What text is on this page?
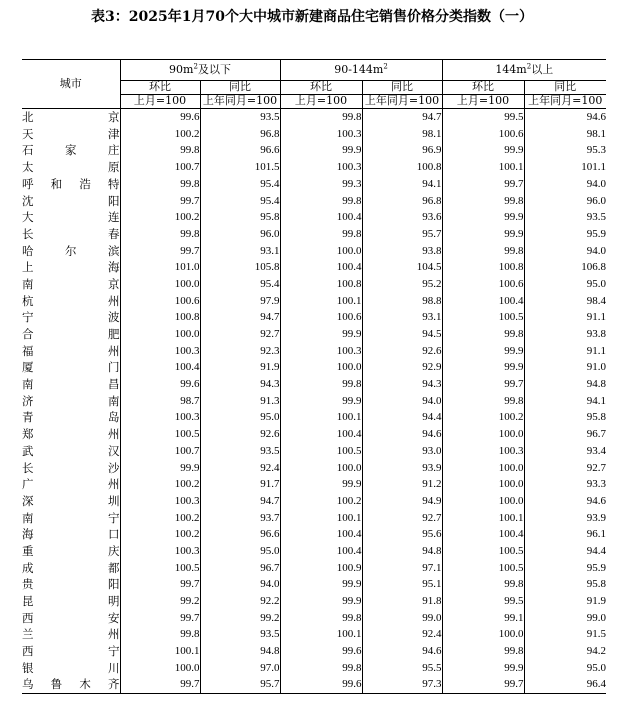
表3：2025年1月70个大中城市新建商品住宅销售价格分类指数（一）
城市	$90m^2$及以下		$90-144m^2$		$144m^2$以上	
	环比	同比	环比	同比	环比	同比
	上月=100	上年同月=100	上月=100	上年同月=100	上月=100	上年同月=100
北京	99.6	93.5	99.8	94.7	99.5	94.6
天津	100.2	96.8	100.3	98.1	100.6	98.1
石家庄	99.8	96.6	99.9	96.9	99.9	95.3
太原	100.7	101.5	100.3	100.8	100.1	101.1
呼和浩特	99.8	95.4	99.3	94.1	99.7	94.0
沈阳	99.7	95.4	99.8	96.8	99.8	96.0
大连	100.2	95.8	100.4	93.6	99.9	93.5
长春	99.8	96.0	99.8	95.7	99.9	95.9
哈尔滨	99.7	93.1	100.0	93.8	99.8	94.0
上海	101.0	105.8	100.4	104.5	100.8	106.8
南京	100.0	95.4	100.8	95.2	100.6	95.0
杭州	100.6	97.9	100.1	98.8	100.4	98.4
宁波	100.8	94.7	100.6	93.1	100.5	91.1
合肥	100.0	92.7	99.9	94.5	99.8	93.8
福州	100.3	92.3	100.3	92.6	99.9	91.1
厦门	100.4	91.9	100.0	92.9	99.9	91.0
南昌	99.6	94.3	99.8	94.3	99.7	94.8
济南	98.7	91.3	99.9	94.0	99.8	94.1
青岛	100.3	95.0	100.1	94.4	100.2	95.8
郑州	100.5	92.6	100.4	94.6	100.0	96.7
武汉	100.7	93.5	100.5	93.0	100.3	93.4
长沙	99.9	92.4	100.0	93.9	100.0	92.7
广州	100.2	91.7	99.9	91.2	100.0	93.3
深圳	100.3	94.7	100.2	94.9	100.0	94.6
南宁	100.2	93.7	100.1	92.7	100.1	93.9
海口	100.2	96.6	100.4	95.6	100.4	96.1
重庆	100.3	95.0	100.4	94.8	100.5	94.4
成都	100.5	96.7	100.9	97.1	100.5	95.9
贵阳	99.7	94.0	99.9	95.1	99.8	95.8
昆明	99.2	92.2	99.9	91.8	99.5	91.9
西安	99.7	99.2	99.8	99.0	99.1	99.0
兰州	99.8	93.5	100.1	92.4	100.0	91.5
西宁	100.1	94.8	99.6	94.6	99.8	94.2
银川	100.0	97.0	99.8	95.5	99.9	95.0
乌鲁木齐	99.7	95.7	99.6	97.3	99.7	96.4
